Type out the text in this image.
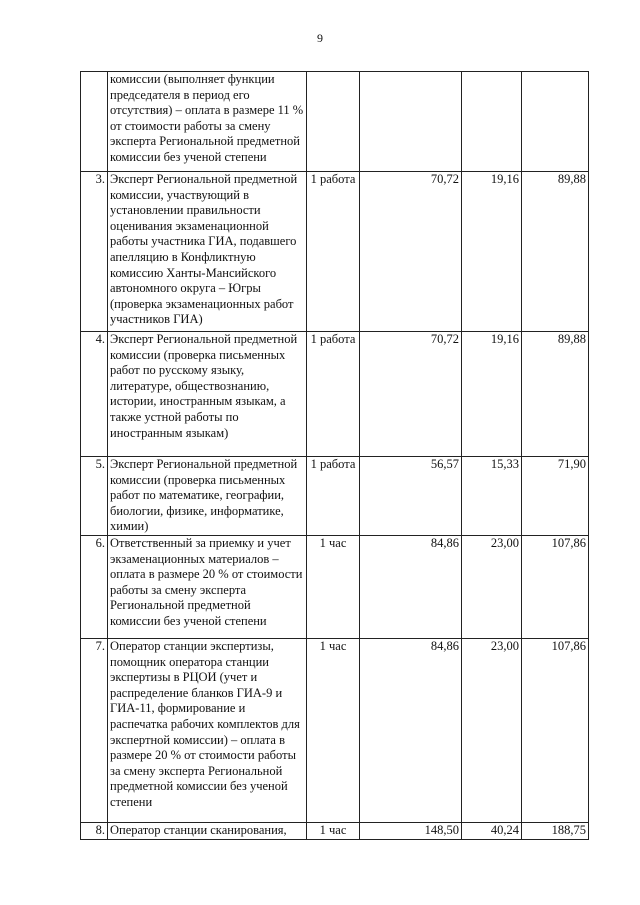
9
	комиссии (выполняет функции председателя в период его отсутствия) – оплата в размере 11 % от стоимости работы за смену эксперта Региональной предметной комиссии без ученой степени				
3.	Эксперт Региональной предметной комиссии, участвующий в установлении правильности оценивания экзаменационной работы участника ГИА, подавшего апелляцию в Конфликтную комиссию Ханты-Мансийского автономного округа – Югры (проверка экзаменационных работ участников ГИА)	1 работа	70,72	19,16	89,88
4.	Эксперт Региональной предметной комиссии (проверка письменных работ по русскому языку, литературе, обществознанию, истории, иностранным языкам, а также устной работы по иностранным языкам)	1 работа	70,72	19,16	89,88
5.	Эксперт Региональной предметной комиссии (проверка письменных работ по математике, географии, биологии, физике, информатике, химии)	1 работа	56,57	15,33	71,90
6.	Ответственный за приемку и учет экзаменационных материалов – оплата в размере 20 % от стоимости работы за смену эксперта Региональной предметной комиссии без ученой степени	1 час	84,86	23,00	107,86
7.	Оператор станции экспертизы, помощник оператора станции экспертизы в РЦОИ (учет и распределение бланков ГИА-9 и ГИА-11, формирование и распечатка рабочих комплектов для экспертной комиссии) – оплата в размере 20 % от стоимости работы за смену эксперта Региональной предметной комиссии без ученой степени	1 час	84,86	23,00	107,86
8.	Оператор станции сканирования,	1 час	148,50	40,24	188,75
